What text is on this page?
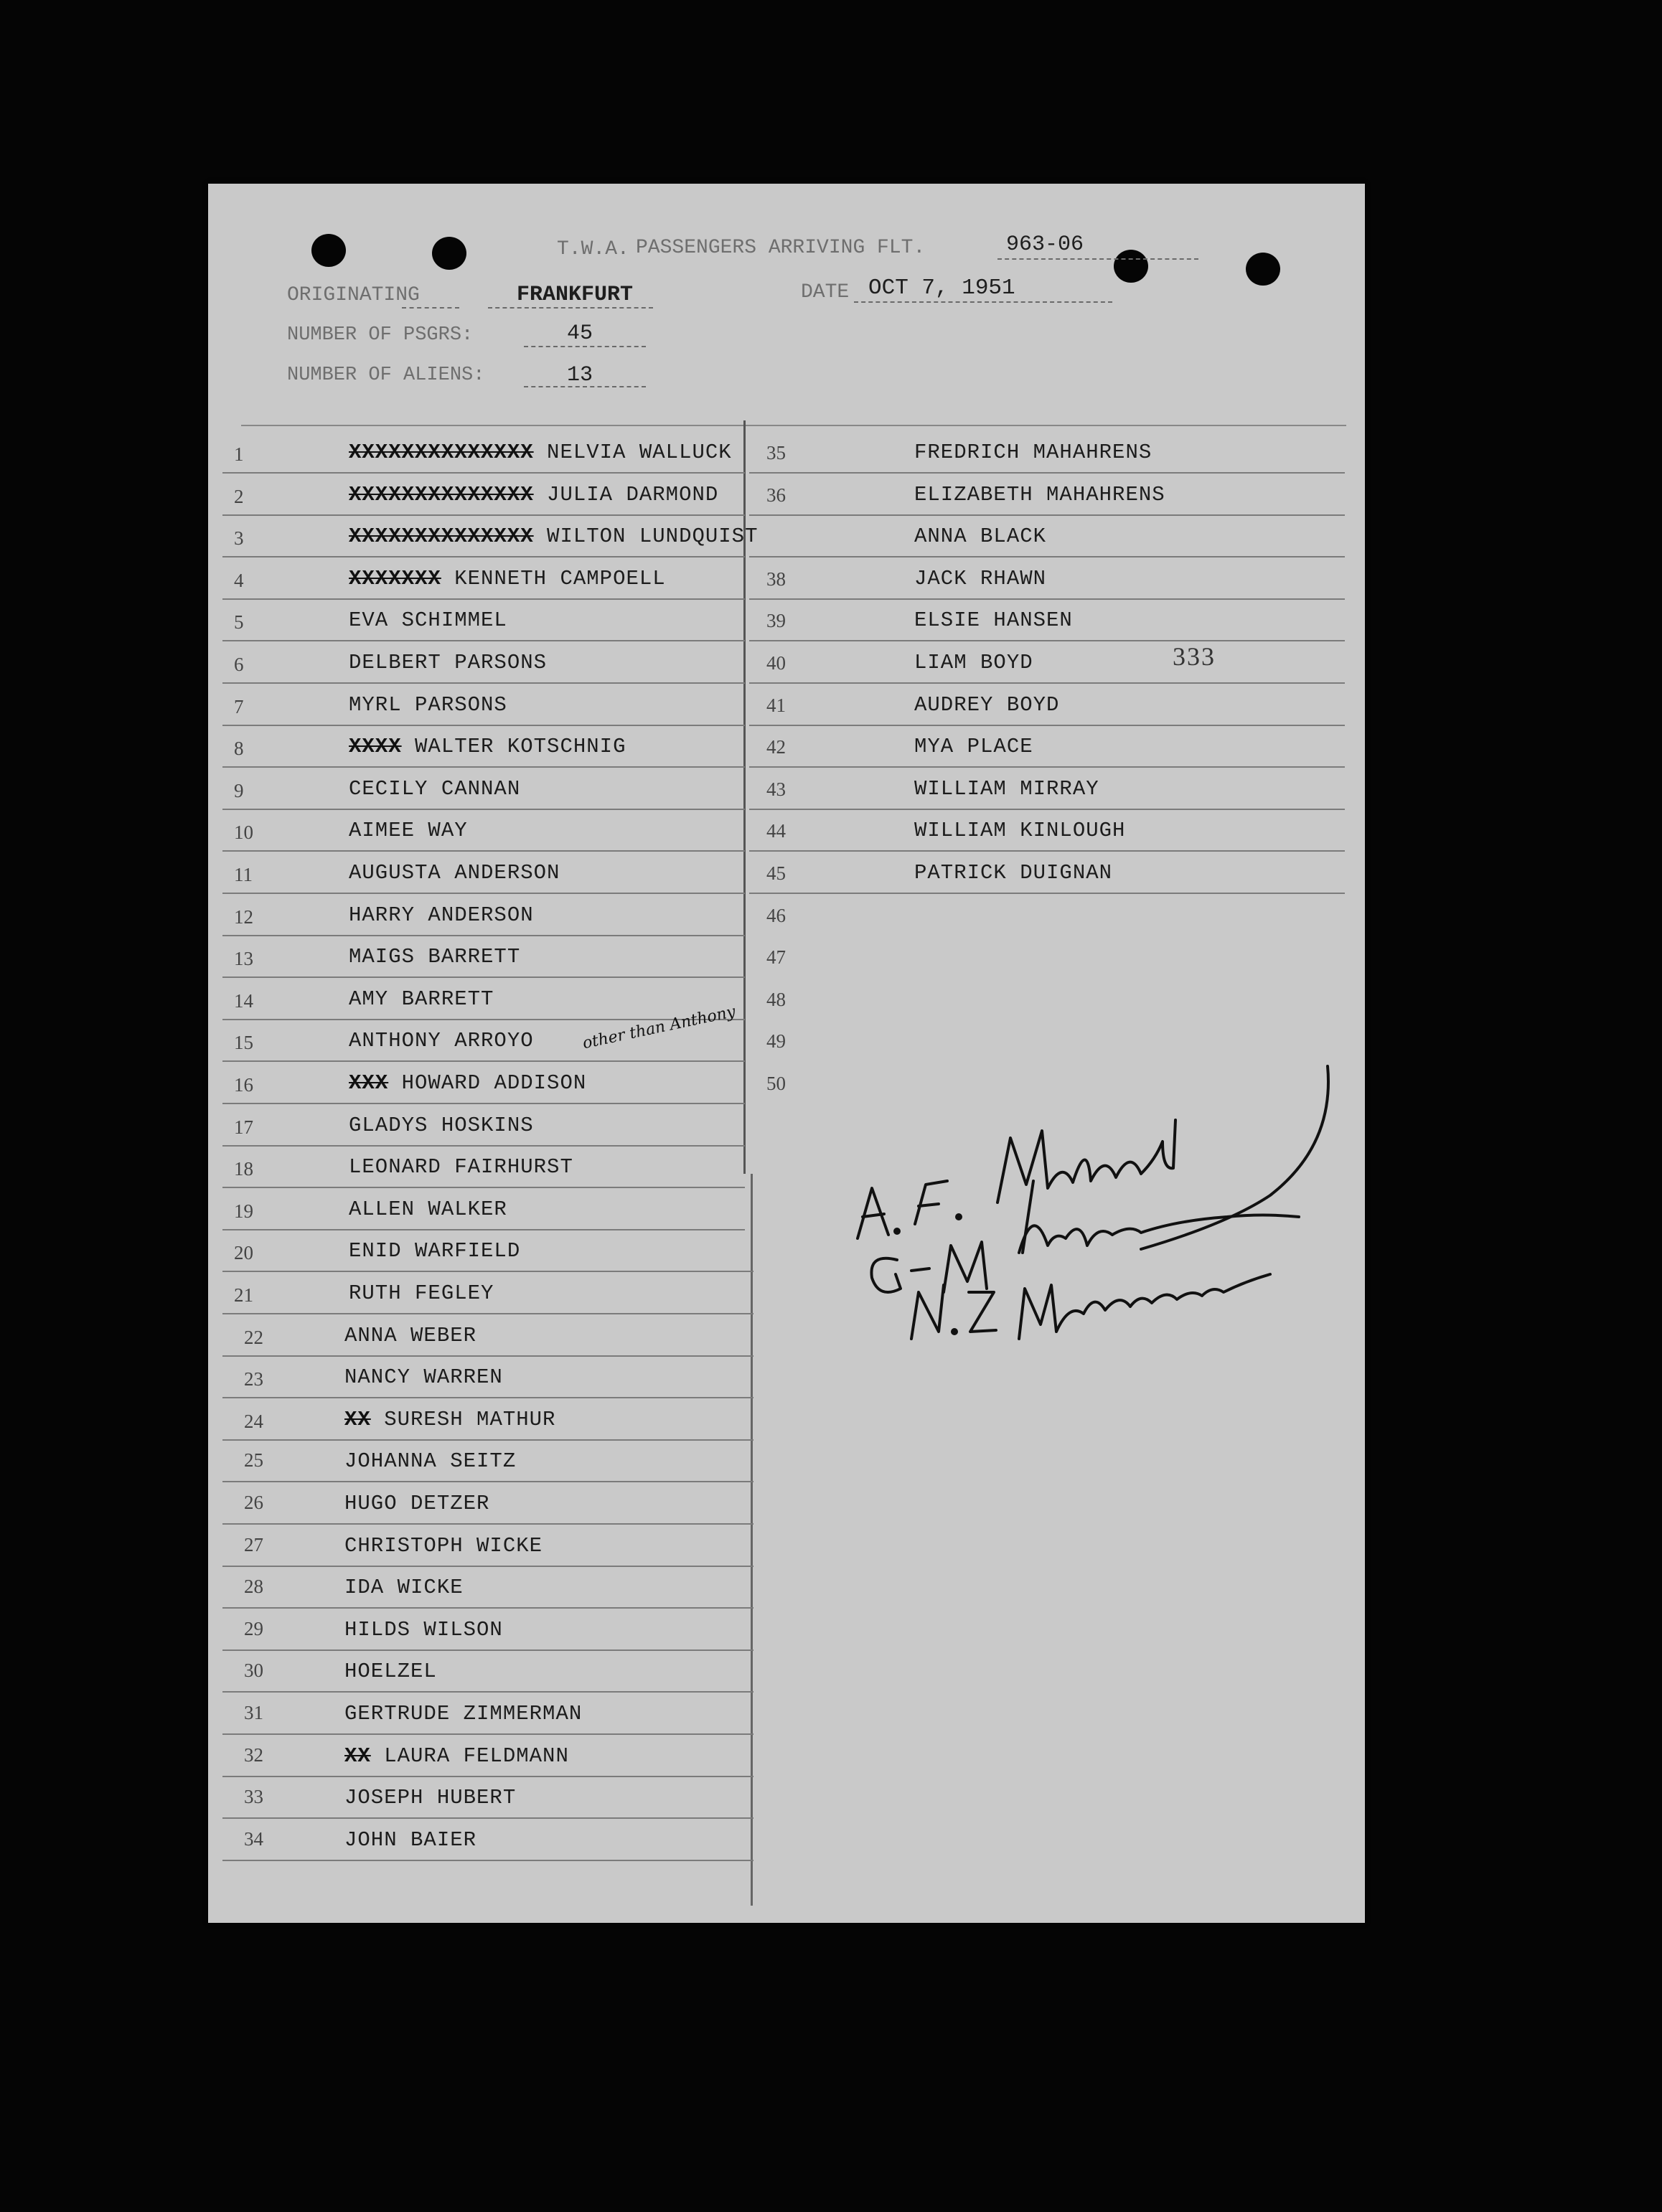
T.W.A. PASSENGERS ARRIVING FLT.	963-06
ORIGINATING	FRANKFURT	DATE OCT 7, 1951
NUMBER OF PSGRS:	45
NUMBER OF ALIENS:	13
333
1	XXXXXXXXXXXXXX NELVIA WALLUCK
2	XXXXXXXXXXXXXX JULIA DARMOND
3	XXXXXXXXXXXXXX WILTON LUNDQUIST
4	XXXXXXX KENNETH CAMPOELL
5	EVA SCHIMMEL
6	DELBERT PARSONS
7	MYRL PARSONS
8	XXXX WALTER KOTSCHNIG
9	CECILY CANNAN
10	AIMEE WAY
11	AUGUSTA ANDERSON
12	HARRY ANDERSON
13	MAIGS BARRETT
14	AMY BARRETT
15	ANTHONY ARROYO
16	XXX HOWARD ADDISON
17	GLADYS HOSKINS
18	LEONARD FAIRHURST
19	ALLEN WALKER
20	ENID WARFIELD
21	RUTH FEGLEY
22	ANNA WEBER
23	NANCY WARREN
24	XX SURESH MATHUR
25	JOHANNA SEITZ
26	HUGO DETZER
27	CHRISTOPH WICKE
28	IDA WICKE
29	HILDS WILSON
30	HOELZEL
31	GERTRUDE ZIMMERMAN
32	XX LAURA FELDMANN
33	JOSEPH HUBERT
34	JOHN BAIER
35	FREDRICH MAHAHRENS
36	ELIZABETH MAHAHRENS
ANNA BLACK
38	JACK RHAWN
39	ELSIE HANSEN
40	LIAM BOYD
41	AUDREY BOYD
42	MYA PLACE
43	WILLIAM MIRRAY
44	WILLIAM KINLOUGH
45	PATRICK DUIGNAN
46
47
48
49
50
other than Anthony
